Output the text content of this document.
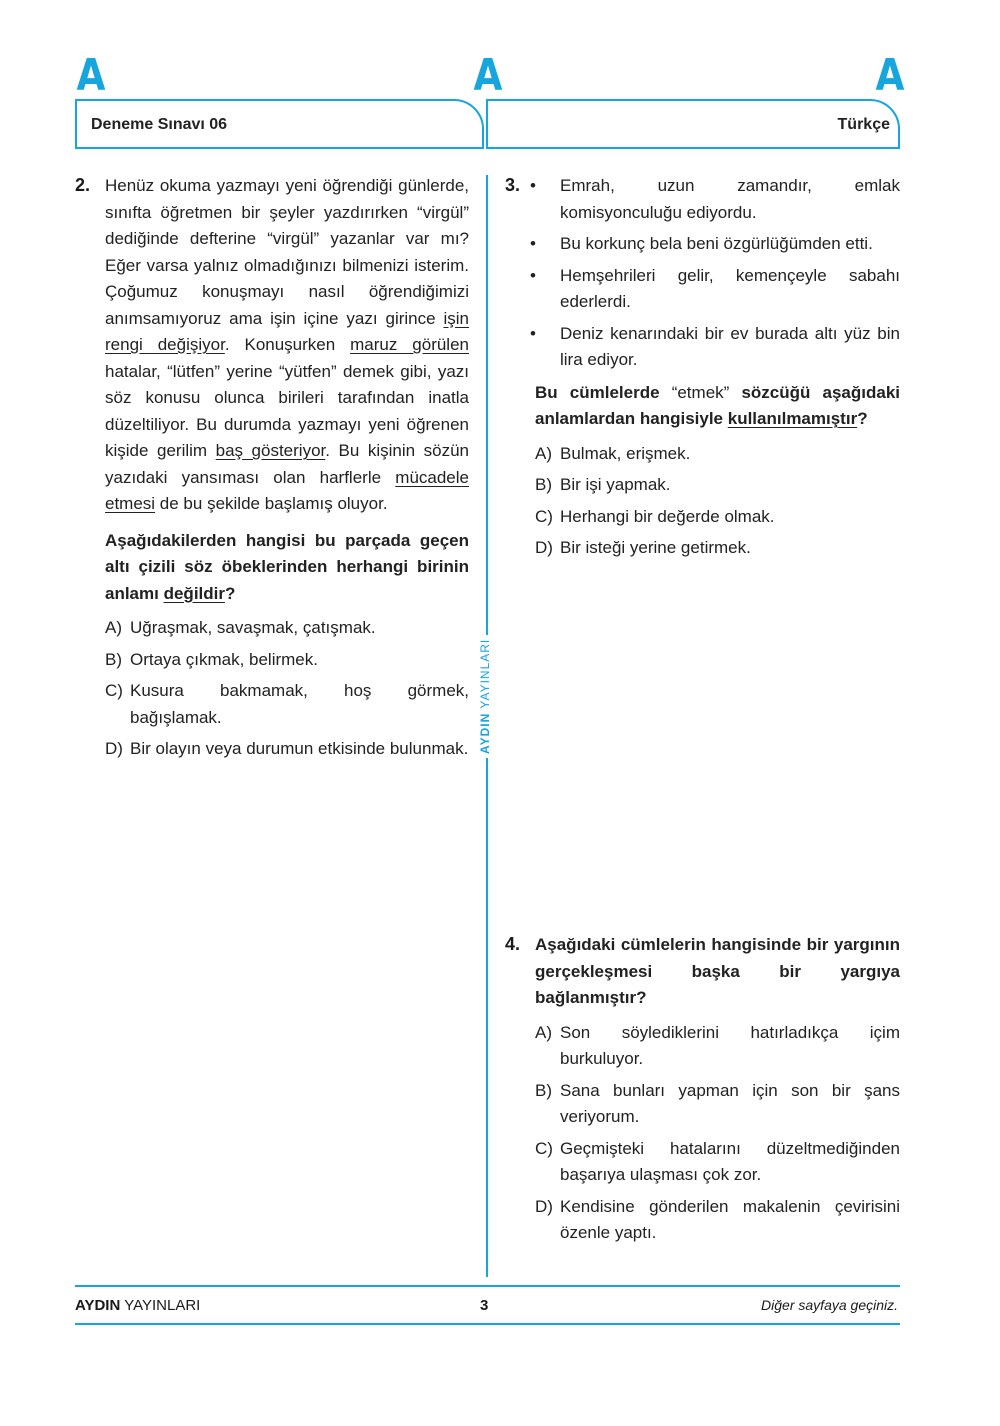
A	A	A
Deneme Sınavı 06	Türkçe
AYDIN YAYINLARI
2. Henüz okuma yazmayı yeni öğrendiği günlerde, sınıfta öğretmen bir şeyler yazdırırken “virgül” dediğinde defterine “virgül” yazanlar var mı? Eğer varsa yalnız olmadığınızı bilmenizi isterim. Çoğumuz konuşmayı nasıl öğrendiğimizi anımsamıyoruz ama işin içine yazı girince işin rengi değişiyor. Konuşurken maruz görülen hatalar, “lütfen” yerine “yütfen” demek gibi, yazı söz konusu olunca birileri tarafından inatla düzeltiliyor. Bu durumda yazmayı yeni öğrenen kişide gerilim baş gösteriyor. Bu kişinin sözün yazıdaki yansıması olan harflerle mücadele etmesi de bu şekilde başlamış oluyor.
Aşağıdakilerden hangisi bu parçada geçen altı çizili söz öbeklerinden herhangi birinin anlamı değildir?
A) Uğraşmak, savaşmak, çatışmak.
B) Ortaya çıkmak, belirmek.
C) Kusura bakmamak, hoş görmek, bağışlamak.
D) Bir olayın veya durumun etkisinde bulunmak.
3. •	Emrah, uzun zamandır, emlak komisyonculuğu ediyordu.
•	Bu korkunç bela beni özgürlüğümden etti.
•	Hemşehrileri gelir, kemençeyle sabahı ederlerdi.
•	Deniz kenarındaki bir ev burada altı yüz bin lira ediyor.
Bu cümlelerde “etmek” sözcüğü aşağıdaki anlamlardan hangisiyle kullanılmamıştır?
A) Bulmak, erişmek.
B) Bir işi yapmak.
C) Herhangi bir değerde olmak.
D) Bir isteği yerine getirmek.
4. Aşağıdaki cümlelerin hangisinde bir yargının gerçekleşmesi başka bir yargıya bağlanmıştır?
A) Son söylediklerini hatırladıkça içim burkuluyor.
B) Sana bunları yapman için son bir şans veriyorum.
C) Geçmişteki hatalarını düzeltmediğinden başarıya ulaşması çok zor.
D) Kendisine gönderilen makalenin çevirisini özenle yaptı.
AYDIN YAYINLARI	3	Diğer sayfaya geçiniz.
